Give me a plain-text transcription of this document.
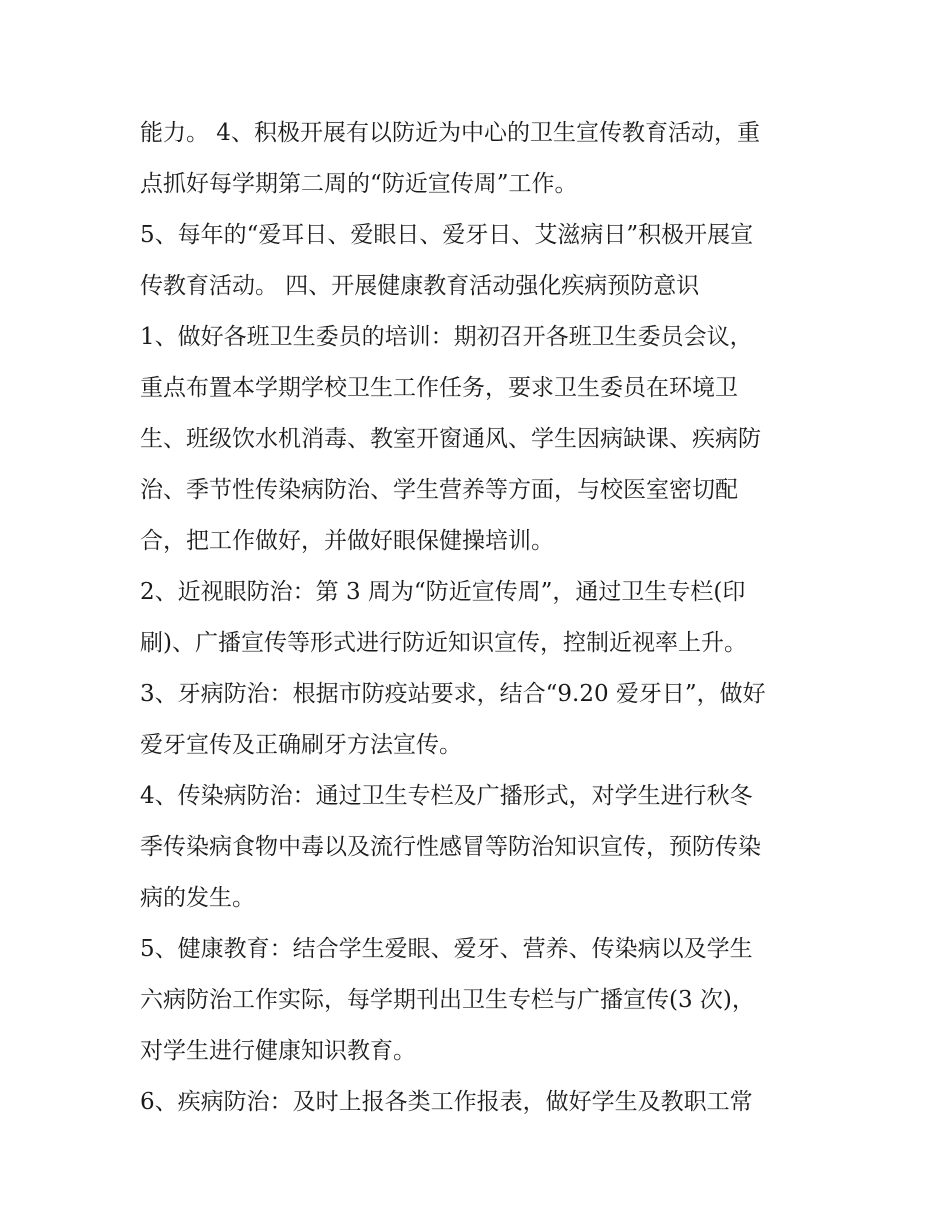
能力。 4、积极开展有以防近为中心的卫生宣传教育活动，重
点抓好每学期第二周的“防近宣传周”工作。
5、每年的“爱耳日、爱眼日、爱牙日、艾滋病日”积极开展宣
传教育活动。 四、开展健康教育活动强化疾病预防意识
1、做好各班卫生委员的培训：期初召开各班卫生委员会议，
重点布置本学期学校卫生工作任务，要求卫生委员在环境卫
生、班级饮水机消毒、教室开窗通风、学生因病缺课、疾病防
治、季节性传染病防治、学生营养等方面，与校医室密切配
合，把工作做好，并做好眼保健操培训。
2、近视眼防治：第 3 周为“防近宣传周”，通过卫生专栏(印
刷)、广播宣传等形式进行防近知识宣传，控制近视率上升。
3、牙病防治：根据市防疫站要求，结合“9.20 爱牙日”，做好
爱牙宣传及正确刷牙方法宣传。
4、传染病防治：通过卫生专栏及广播形式，对学生进行秋冬
季传染病食物中毒以及流行性感冒等防治知识宣传，预防传染
病的发生。
5、健康教育：结合学生爱眼、爱牙、营养、传染病以及学生
六病防治工作实际，每学期刊出卫生专栏与广播宣传(3 次)，
对学生进行健康知识教育。
6、疾病防治：及时上报各类工作报表，做好学生及教职工常
